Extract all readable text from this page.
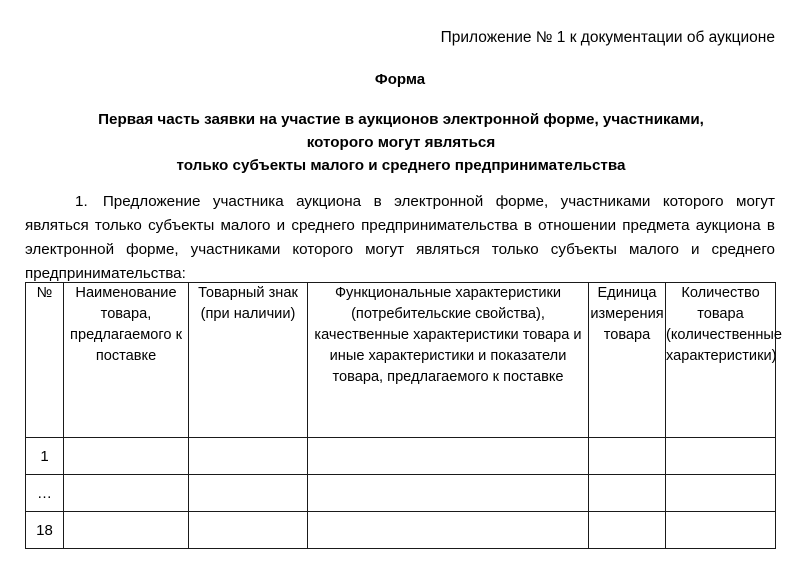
Приложение № 1 к документации об аукционе
Форма
Первая часть заявки на участие в аукционов электронной форме, участниками,
которого могут являться
только субъекты малого и среднего предпринимательства
1. Предложение участника аукциона в электронной форме, участниками которого могут являться только субъекты малого и среднего предпринимательства в отношении предмета аукциона в электронной форме, участниками которого могут являться только субъекты малого и среднего предпринимательства:
№	Наименование товара, предлагаемого к поставке	Товарный знак (при наличии)	Функциональные характеристики (потребительские свойства), качественные характеристики товара и иные характеристики и показатели товара, предлагаемого к поставке	Единица измерения товара	Количество товара (количественные характеристики)
1					
…					
18					
